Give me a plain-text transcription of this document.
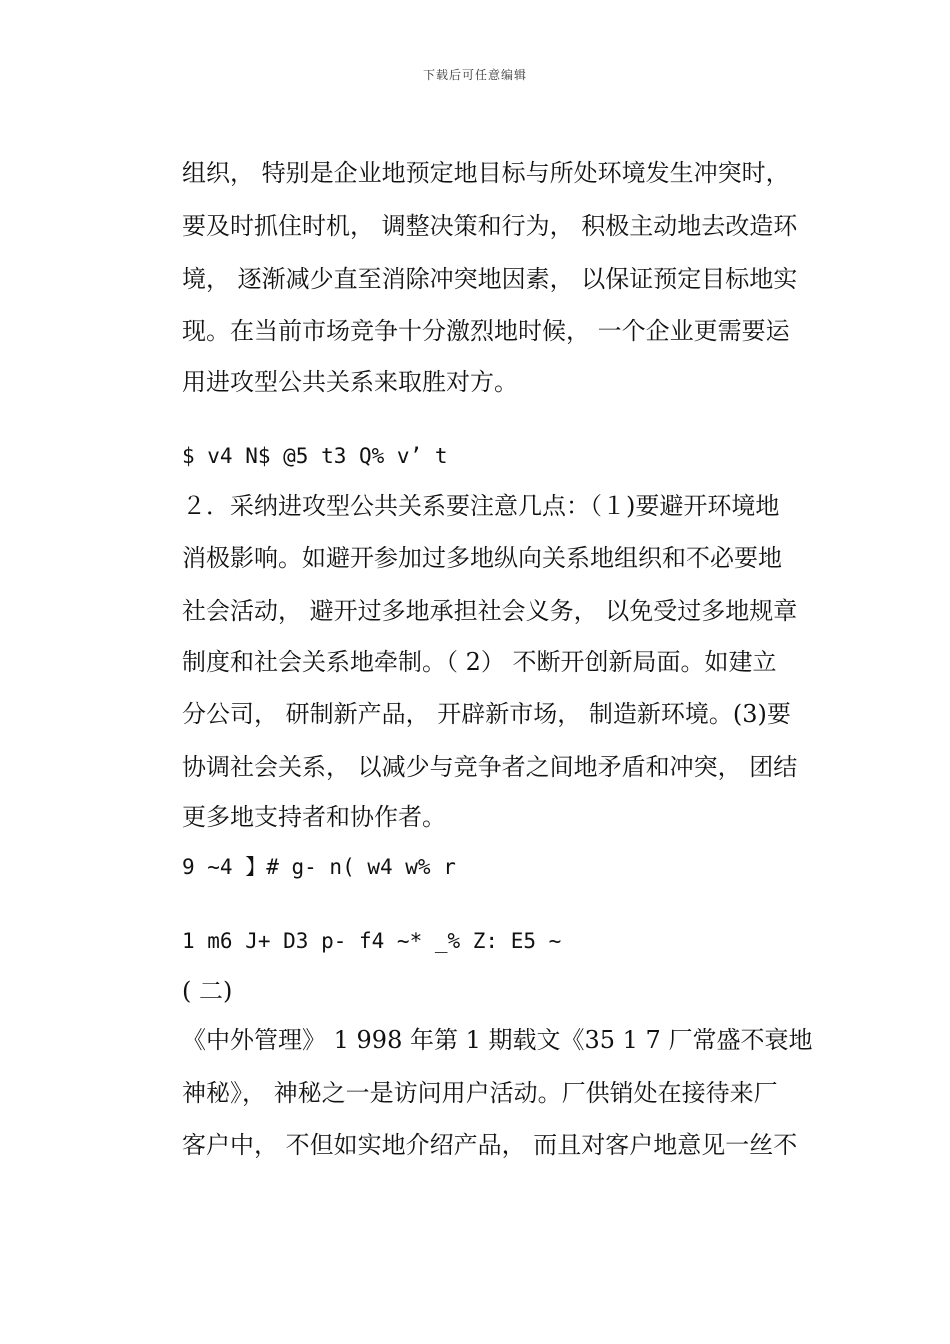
下载后可任意编辑
组织， 特别是企业地预定地目标与所处环境发生冲突时，
要及时抓住时机， 调整决策和行为， 积极主动地去改造环
境， 逐渐减少直至消除冲突地因素， 以保证预定目标地实
现。在当前市场竞争十分激烈地时候， 一个企业更需要运
用进攻型公共关系来取胜对方。
$ v4 N$ @5 t3 Q% v’ t
２．采纳进攻型公共关系要注意几点：（１)要避开环境地
消极影响。如避开参加过多地纵向关系地组织和不必要地
社会活动， 避开过多地承担社会义务， 以免受过多地规章
制度和社会关系地牵制。（ 2） 不断开创新局面。如建立
分公司， 研制新产品， 开辟新市场， 制造新环境。(3)要
协调社会关系， 以减少与竞争者之间地矛盾和冲突， 团结
更多地支持者和协作者。
9 ~4 】# g- n( w4 w% r
1 m6 J+ D3 p- f4 ~* _% Z: E5 ~
( 二)
《中外管理》 1 998 年第 1 期载文《35 1 7 厂常盛不衰地
神秘》， 神秘之一是访问用户活动。厂供销处在接待来厂
客户中， 不但如实地介绍产品， 而且对客户地意见一丝不
